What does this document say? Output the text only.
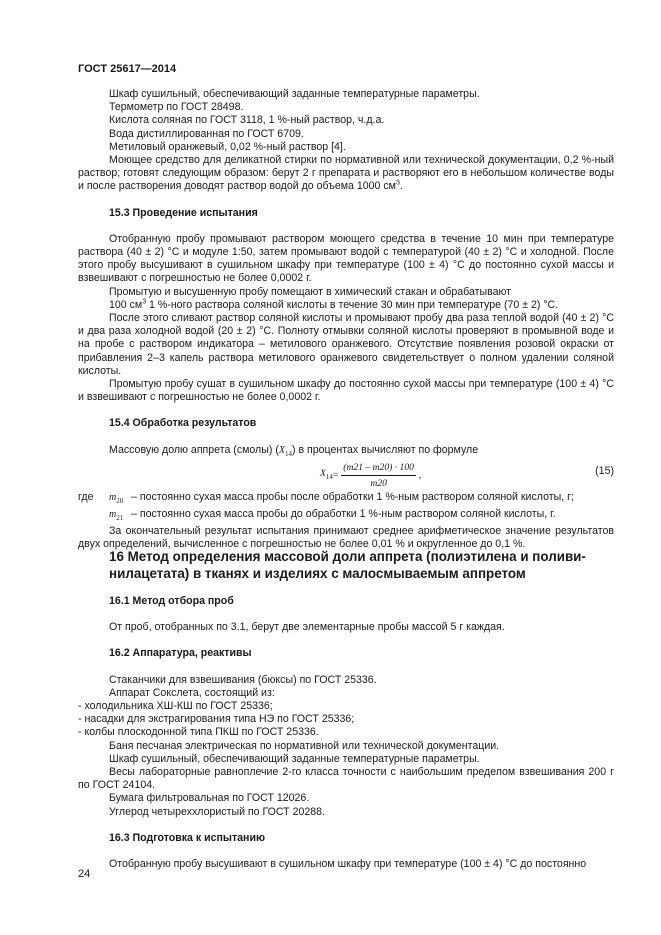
ГОСТ 25617—2014

Шкаф сушильный, обеспечивающий заданные температурные параметры.

Термометр по ГОСТ 28498.

Кислота соляная по ГОСТ 3118, 1 %-ный раствор, ч.д.а.

Вода дистиллированная по ГОСТ 6709.

Метиловый оранжевый, 0,02 %-ный раствор [4].

Моющее средство для деликатной стирки по нормативной или технической документации, 0,2 %-ный раствор; готовят следующим образом: берут 2 г препарата и растворяют его в небольшом количестве воды и после растворения доводят раствор водой до объема 1000 $см^3$.

15.3 Проведение испытания

Отобранную пробу промывают раствором моющего средства в течение 10 мин при температуре раствора (40 ± 2) °С и модуле 1:50, затем промывают водой с температурой (40 ± 2) °С и холодной. После этого пробу высушивают в сушильном шкафу при температуре (100 ± 4) °С до постоянно сухой массы и взвешивают с погрешностью не более 0,0002 г.

Промытую и высушенную пробу помещают в химический стакан и обрабатывают

100 $см^3$ 1 %-ного раствора соляной кислоты в течение 30 мин при температуре (70 ± 2) °С.

После этого сливают раствор соляной кислоты и промывают пробу два раза теплой водой (40 ± 2) °С и два раза холодной водой (20 ± 2) °С. Полноту отмывки соляной кислоты проверяют в промывной воде и на пробе с раствором индикатора – метилового оранжевого. Отсутствие появления розовой окраски от прибавления 2–3 капель раствора метилового оранжевого свидетельствует о полном удалении соляной кислоты.

Промытую пробу сушат в сушильном шкафу до постоянно сухой массы при температуре (100 ± 4) °С и взвешивают с погрешностью не более 0,0002 г.

15.4 Обработка результатов

Массовую долю аппрета (смолы) $(X_{14})$ в процентах вычисляют по формуле

$X_{14} = \frac{(m21 - m20) \cdot 100}{m20}$ ,	(15)
где	$m_{20}$ – постоянно сухая масса пробы после обработки 1 %-ным раствором соляной кислоты, г;
$m_{21}$ – постоянно сухая масса пробы до обработки 1 %-ным раствором соляной кислоты, г.

За окончательный результат испытания принимают среднее арифметическое значение результатов двух определений, вычисленное с погрешностью не более 0,01 % и округленное до 0,1 %.

16 Метод определения массовой доли аппрета (полиэтилена и поливи-

нилацетата) в тканях и изделиях с малосмываемым аппретом

16.1 Метод отбора проб

От проб, отобранных по 3.1, берут две элементарные пробы массой 5 г каждая.

16.2 Аппаратура, реактивы

Стаканчики для взвешивания (бюксы) по ГОСТ 25336.

Аппарат Сокслета, состоящий из:

- холодильника ХШ-КШ по ГОСТ 25336;

- насадки для экстрагирования типа НЭ по ГОСТ 25336;

- колбы плоскодонной типа ПКШ по ГОСТ 25336.

Баня песчаная электрическая по нормативной или технической документации.

Шкаф сушильный, обеспечивающий заданные температурные параметры.

Весы лабораторные равноплечие 2-го класса точности с наибольшим пределом взвешивания 200 г по ГОСТ 24104.

Бумага фильтровальная по ГОСТ 12026.

Углерод четыреххлористый по ГОСТ 20288.

16.3 Подготовка к испытанию

Отобранную пробу высушивают в сушильном шкафу при температуре (100 ± 4) °С до постоянно

24
